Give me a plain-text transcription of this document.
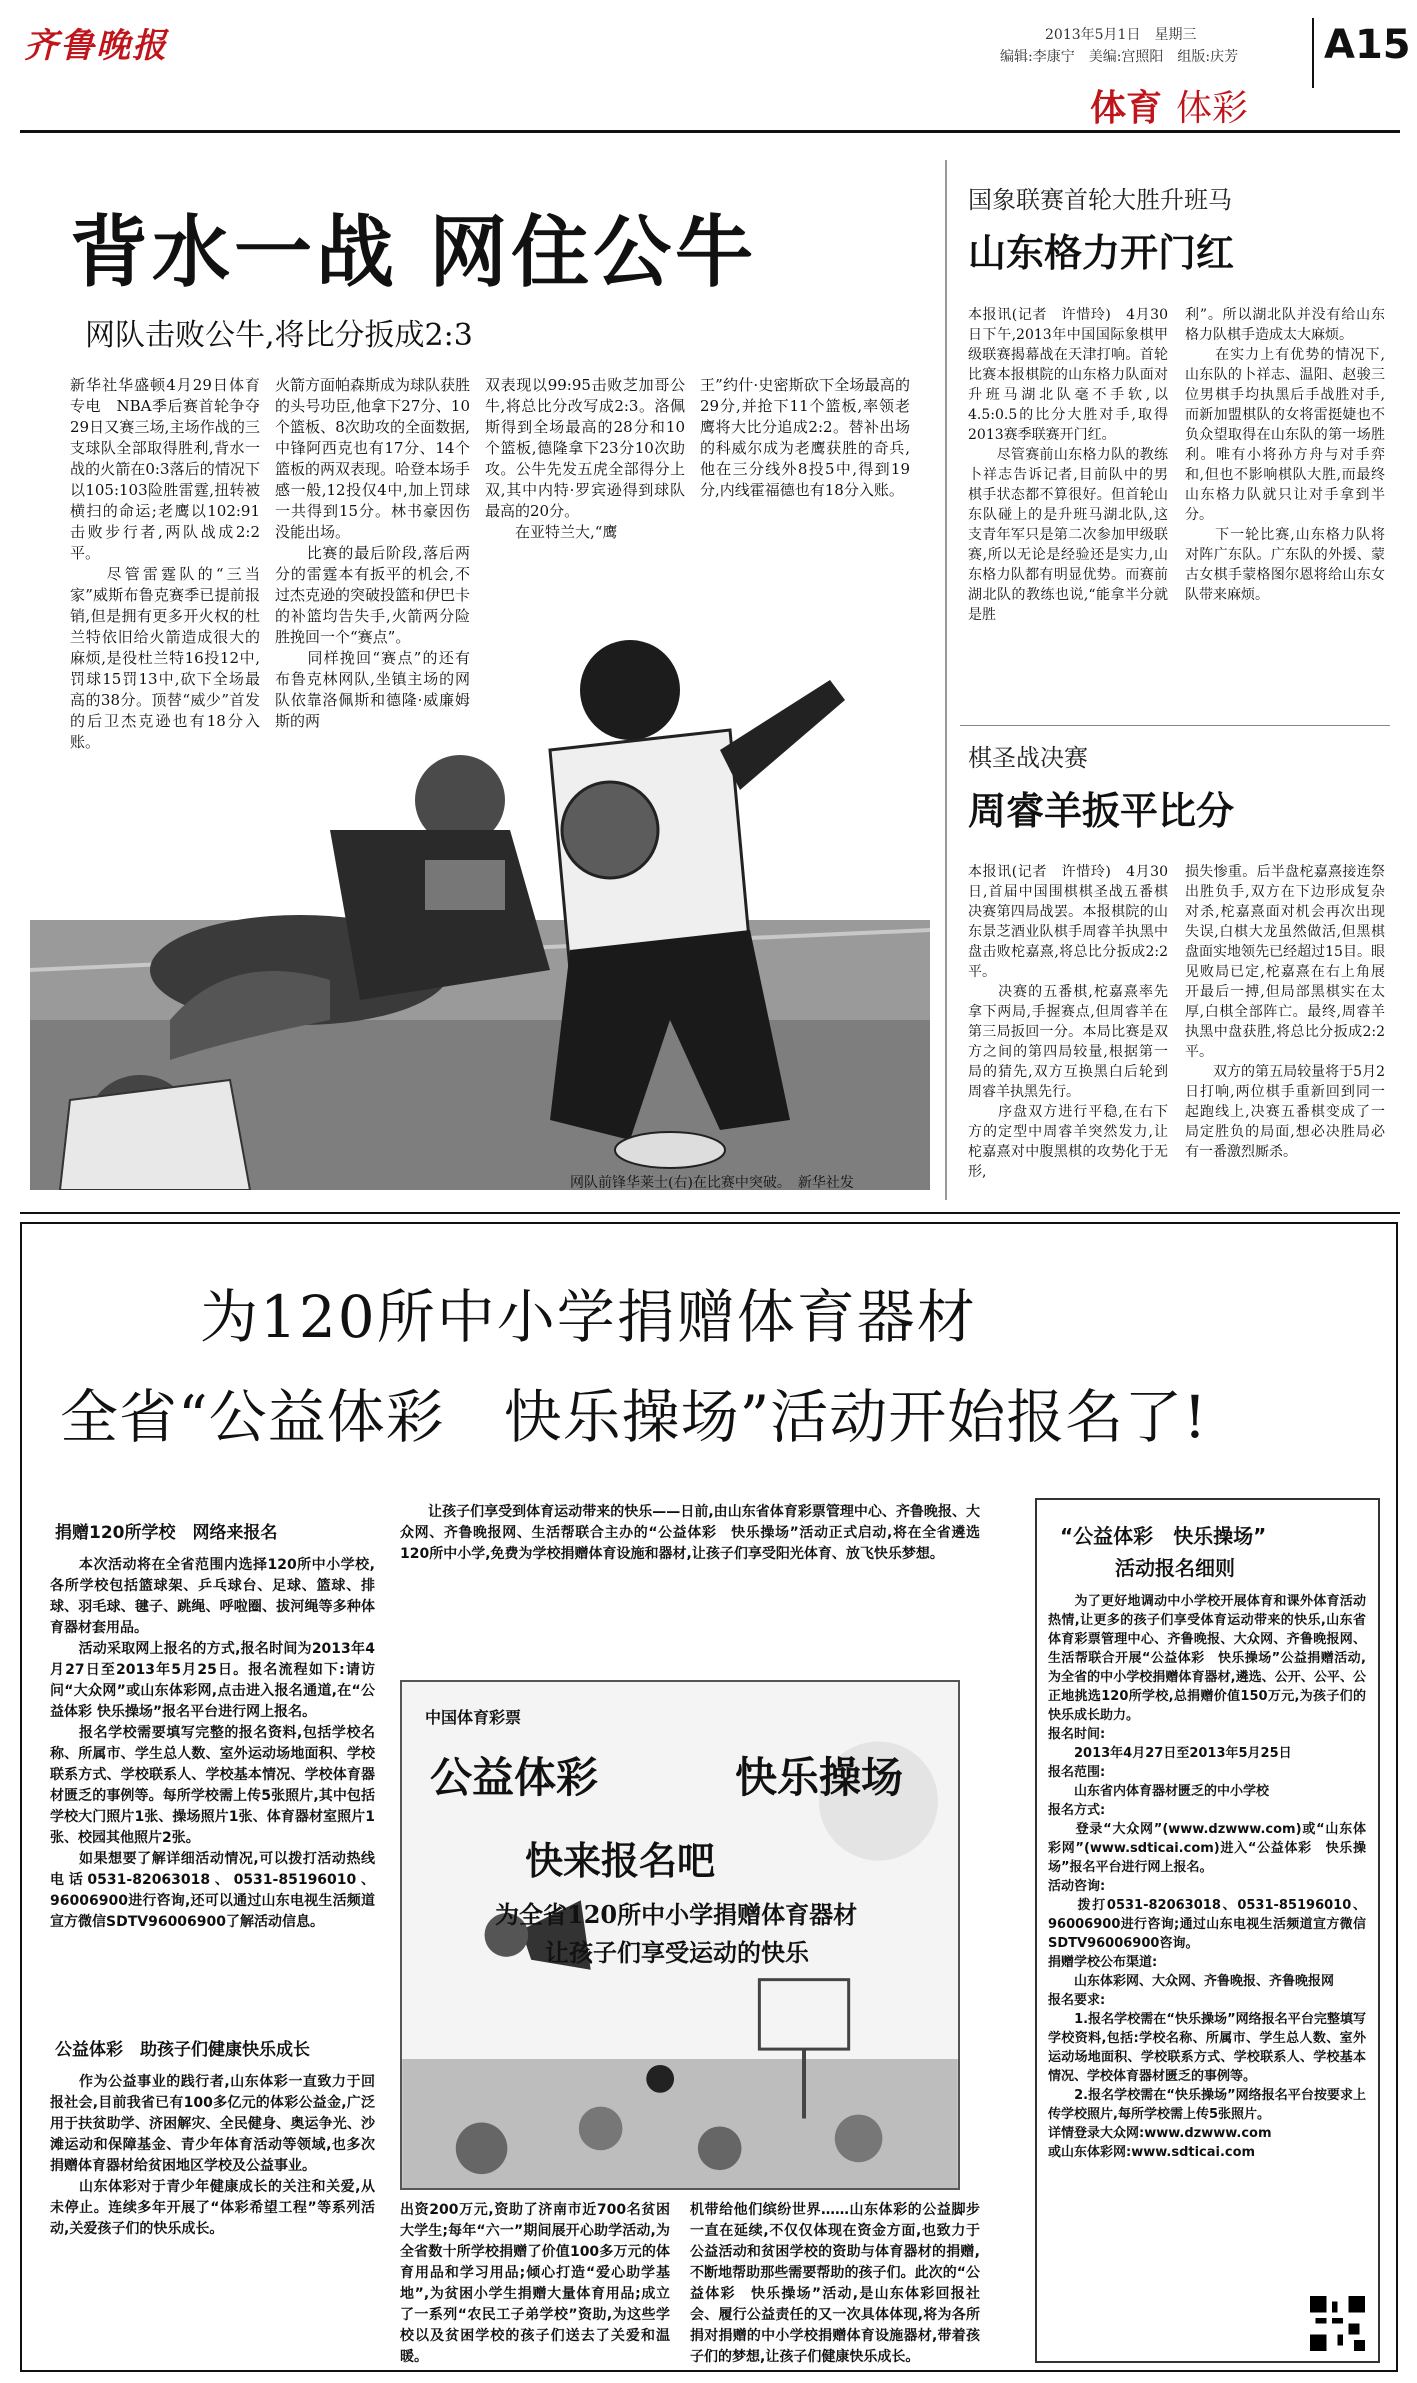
齐鲁晚报	2013年5月1日　星期三
编辑:李康宁　美编:宫照阳　组版:庆芳 A15
体育 体彩
背水一战 网住公牛
网队击败公牛,将比分扳成2:3
新华社华盛顿4月29日体育专电　NBA季后赛首轮争夺29日又赛三场,主场作战的三支球队全部取得胜利,背水一战的火箭在0:3落后的情况下以105:103险胜雷霆,扭转被横扫的命运;老鹰以102:91击败步行者,两队战成2:2平。
　　尽管雷霆队的“三当家”威斯布鲁克赛季已提前报销,但是拥有更多开火权的杜兰特依旧给火箭造成很大的麻烦,是役杜兰特16投12中,罚球15罚13中,砍下全场最高的38分。顶替“威少”首发的后卫杰克逊也有18分入账。
火箭方面帕森斯成为球队获胜的头号功臣,他拿下27分、10个篮板、8次助攻的全面数据,中锋阿西克也有17分、14个篮板的两双表现。哈登本场手感一般,12投仅4中,加上罚球一共得到15分。林书豪因伤没能出场。
　　比赛的最后阶段,落后两分的雷霆本有扳平的机会,不过杰克逊的突破投篮和伊巴卡的补篮均告失手,火箭两分险胜挽回一个“赛点”。
　　同样挽回“赛点”的还有布鲁克林网队,坐镇主场的网队依靠洛佩斯和德隆·威廉姆斯的两
双表现以99:95击败芝加哥公牛,将总比分改写成2:3。洛佩斯得到全场最高的28分和10个篮板,德隆拿下23分10次助攻。公牛先发五虎全部得分上双,其中内特·罗宾逊得到球队最高的20分。
　　在亚特兰大,“鹰
王”约什·史密斯砍下全场最高的29分,并抢下11个篮板,率领老鹰将大比分追成2:2。替补出场的科威尔成为老鹰获胜的奇兵,他在三分线外8投5中,得到19分,内线霍福德也有18分入账。
网队前锋华莱士(右)在比赛中突破。　新华社发
国象联赛首轮大胜升班马
山东格力开门红
本报讯(记者　许惜玲)　4月30日下午,2013年中国国际象棋甲级联赛揭幕战在天津打响。首轮比赛本报棋院的山东格力队面对升班马湖北队毫不手软,以4.5:0.5的比分大胜对手,取得2013赛季联赛开门红。
　　尽管赛前山东格力队的教练卜祥志告诉记者,目前队中的男棋手状态都不算很好。但首轮山东队碰上的是升班马湖北队,这支青年军只是第二次参加甲级联赛,所以无论是经验还是实力,山东格力队都有明显优势。而赛前湖北队的教练也说,“能拿半分就是胜
利”。所以湖北队并没有给山东格力队棋手造成太大麻烦。
　　在实力上有优势的情况下,山东队的卜祥志、温阳、赵骏三位男棋手均执黑后手战胜对手,而新加盟棋队的女将雷挺婕也不负众望取得在山东队的第一场胜利。唯有小将孙方舟与对手弈和,但也不影响棋队大胜,而最终山东格力队就只让对手拿到半分。
　　下一轮比赛,山东格力队将对阵广东队。广东队的外援、蒙古女棋手蒙格图尔恩将给山东女队带来麻烦。
棋圣战决赛
周睿羊扳平比分
本报讯(记者　许惜玲)　4月30日,首届中国围棋棋圣战五番棋决赛第四局战罢。本报棋院的山东景芝酒业队棋手周睿羊执黑中盘击败柁嘉熹,将总比分扳成2:2平。
　　决赛的五番棋,柁嘉熹率先拿下两局,手握赛点,但周睿羊在第三局扳回一分。本局比赛是双方之间的第四局较量,根据第一局的猜先,双方互换黑白后轮到周睿羊执黑先行。
　　序盘双方进行平稳,在右下方的定型中周睿羊突然发力,让柁嘉熹对中腹黑棋的攻势化于无形,
损失惨重。后半盘柁嘉熹接连祭出胜负手,双方在下边形成复杂对杀,柁嘉熹面对机会再次出现失误,白棋大龙虽然做活,但黑棋盘面实地领先已经超过15目。眼见败局已定,柁嘉熹在右上角展开最后一搏,但局部黑棋实在太厚,白棋全部阵亡。最终,周睿羊执黑中盘获胜,将总比分扳成2:2平。
　　双方的第五局较量将于5月2日打响,两位棋手重新回到同一起跑线上,决赛五番棋变成了一局定胜负的局面,想必决胜局必有一番激烈厮杀。
为120所中小学捐赠体育器材
全省“公益体彩　快乐操场”活动开始报名了!
捐赠120所学校　网络来报名
　　本次活动将在全省范围内选择120所中小学校,各所学校包括篮球架、乒乓球台、足球、篮球、排球、羽毛球、毽子、跳绳、呼啦圈、拔河绳等多种体育器材套用品。
　　活动采取网上报名的方式,报名时间为2013年4月27日至2013年5月25日。报名流程如下:请访问“大众网”或山东体彩网,点击进入报名通道,在“公益体彩 快乐操场”报名平台进行网上报名。
　　报名学校需要填写完整的报名资料,包括学校名称、所属市、学生总人数、室外运动场地面积、学校联系方式、学校联系人、学校基本情况、学校体育器材匮乏的事例等。每所学校需上传5张照片,其中包括学校大门照片1张、操场照片1张、体育器材室照片1张、校园其他照片2张。
　　如果想要了解详细活动情况,可以拨打活动热线电话0531-82063018、0531-85196010、96006900进行咨询,还可以通过山东电视生活频道宣方微信SDTV96006900了解活动信息。
公益体彩　助孩子们健康快乐成长
　　作为公益事业的践行者,山东体彩一直致力于回报社会,目前我省已有100多亿元的体彩公益金,广泛用于扶贫助学、济困解灾、全民健身、奥运争光、沙滩运动和保障基金、青少年体育活动等领域,也多次捐赠体育器材给贫困地区学校及公益事业。
　　山东体彩对于青少年健康成长的关注和关爱,从未停止。连续多年开展了“体彩希望工程”等系列活动,关爱孩子们的快乐成长。
　　让孩子们享受到体育运动带来的快乐——日前,由山东省体育彩票管理中心、齐鲁晚报、大众网、齐鲁晚报网、生活帮联合主办的“公益体彩　快乐操场”活动正式启动,将在全省遴选120所中小学,免费为学校捐赠体育设施和器材,让孩子们享受阳光体育、放飞快乐梦想。
中国体育彩票
公益体彩	快乐操场
快来报名吧
为全省120所中小学捐赠体育器材
让孩子们享受运动的快乐
出资200万元,资助了济南市近700名贫困大学生;每年“六一”期间展开心助学活动,为全省数十所学校捐赠了价值100多万元的体育用品和学习用品;倾心打造“爱心助学基地”,为贫困小学生捐赠大量体育用品;成立了一系列“农民工子弟学校”资助,为这些学校以及贫困学校的孩子们送去了关爱和温暖。
机带给他们缤纷世界……山东体彩的公益脚步一直在延续,不仅仅体现在资金方面,也致力于公益活动和贫困学校的资助与体育器材的捐赠,不断地帮助那些需要帮助的孩子们。此次的“公益体彩　快乐操场”活动,是山东体彩回报社会、履行公益责任的又一次具体体现,将为各所捐对捐赠的中小学校捐赠体育设施器材,带着孩子们的梦想,让孩子们健康快乐成长。
“公益体彩　快乐操场”
活动报名细则
　　为了更好地调动中小学校开展体育和课外体育活动热情,让更多的孩子们享受体育运动带来的快乐,山东省体育彩票管理中心、齐鲁晚报、大众网、齐鲁晚报网、生活帮联合开展“公益体彩　快乐操场”公益捐赠活动,为全省的中小学校捐赠体育器材,遴选、公开、公平、公正地挑选120所学校,总捐赠价值150万元,为孩子们的快乐成长助力。
报名时间:
　　2013年4月27日至2013年5月25日
报名范围:
　　山东省内体育器材匮乏的中小学校
报名方式:
　　登录“大众网”(www.dzwww.com)或“山东体彩网”(www.sdticai.com)进入“公益体彩　快乐操场”报名平台进行网上报名。
活动咨询:
　　拨打0531-82063018、0531-85196010、96006900进行咨询;通过山东电视生活频道宣方微信SDTV96006900咨询。
捐赠学校公布渠道:
　　山东体彩网、大众网、齐鲁晚报、齐鲁晚报网
报名要求:
　　1.报名学校需在“快乐操场”网络报名平台完整填写学校资料,包括:学校名称、所属市、学生总人数、室外运动场地面积、学校联系方式、学校联系人、学校基本情况、学校体育器材匮乏的事例等。
　　2.报名学校需在“快乐操场”网络报名平台按要求上传学校照片,每所学校需上传5张照片。
详情登录大众网:www.dzwww.com
或山东体彩网:www.sdticai.com
